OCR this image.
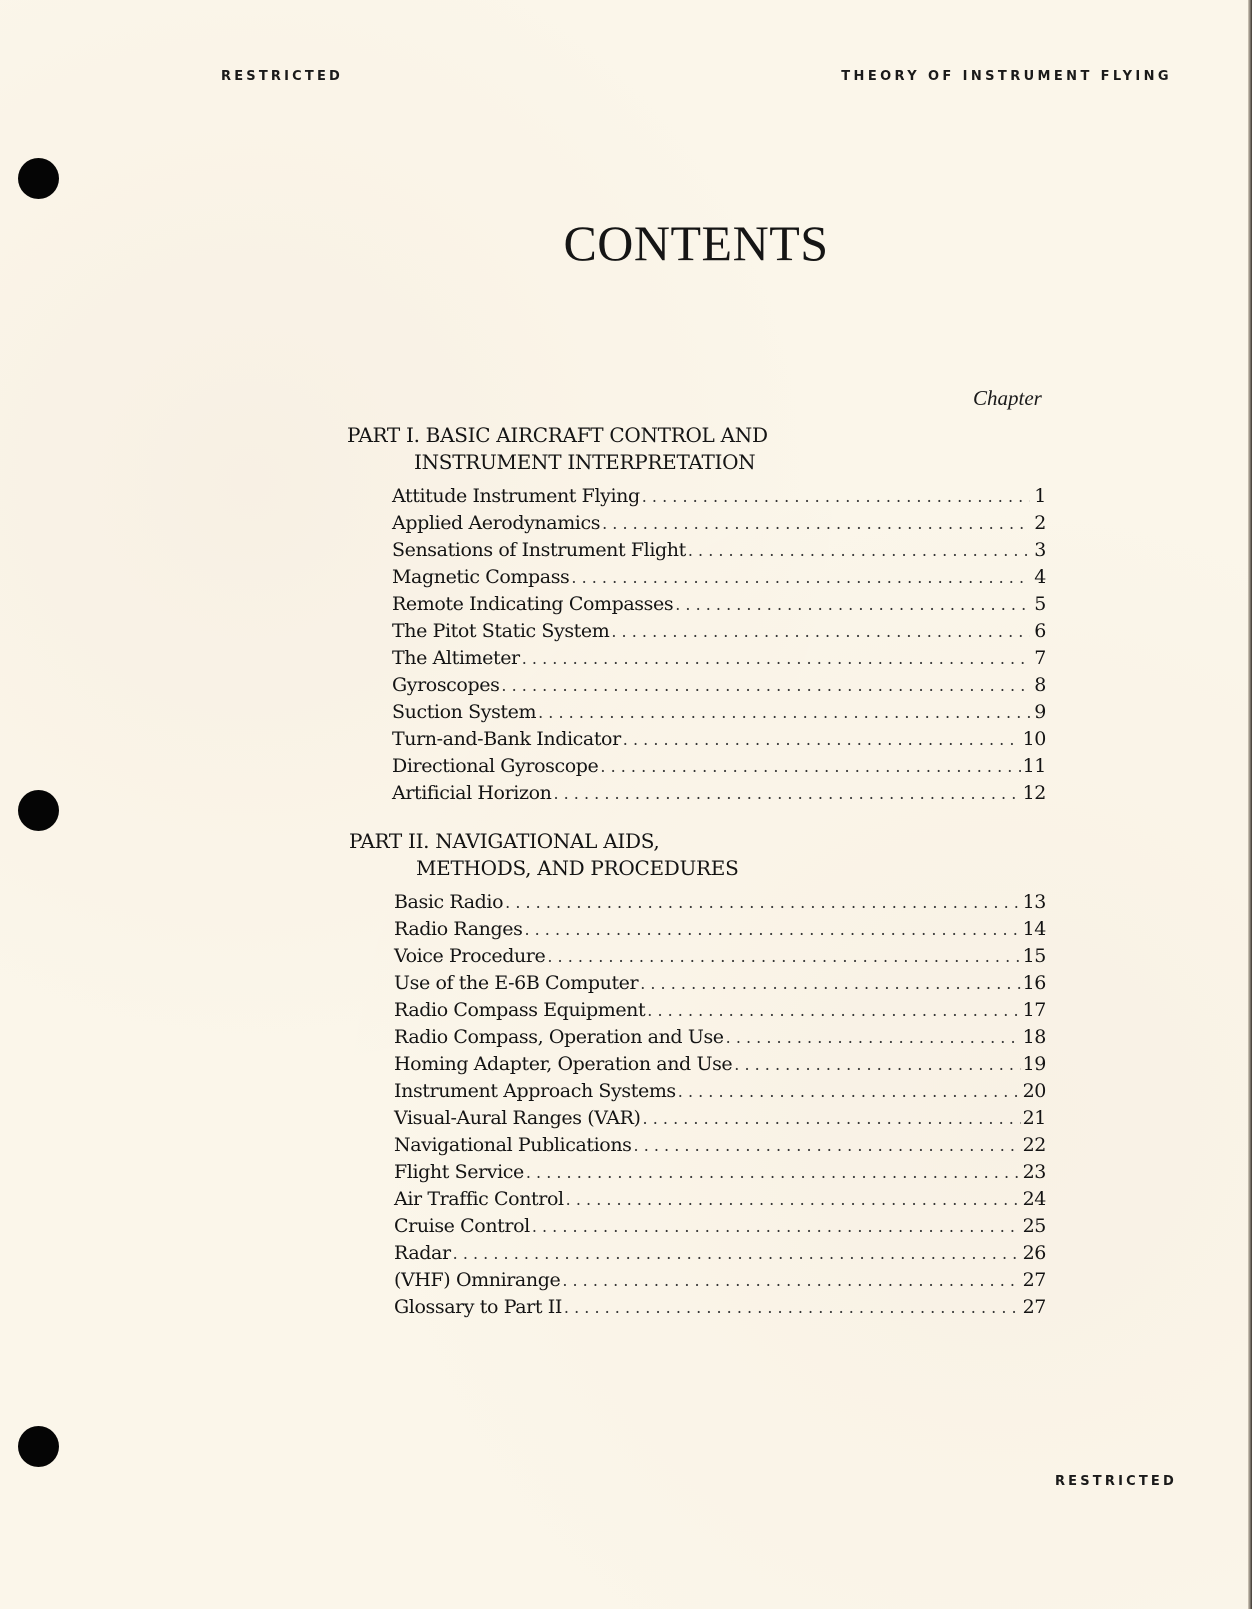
RESTRICTED	THEORY OF INSTRUMENT FLYING
CONTENTS
Chapter
PART I. BASIC AIRCRAFT CONTROL AND
INSTRUMENT INTERPRETATION
Attitude Instrument Flying . . .	1
Applied Aerodynamics . . .	2
Sensations of Instrument Flight . . .	3
Magnetic Compass . . .	4
Remote Indicating Compasses . . .	5
The Pitot Static System . . .	6
The Altimeter . . .	7
Gyroscopes . . .	8
Suction System . . .	9
Turn-and-Bank Indicator . . .	10
Directional Gyroscope . . .	11
Artificial Horizon . . .	12
PART II. NAVIGATIONAL AIDS,
METHODS, AND PROCEDURES
Basic Radio . . .	13
Radio Ranges . . .	14
Voice Procedure . . .	15
Use of the E-6B Computer . . .	16
Radio Compass Equipment . . .	17
Radio Compass, Operation and Use . . .	18
Homing Adapter, Operation and Use . . .	19
Instrument Approach Systems . . .	20
Visual-Aural Ranges (VAR) . . .	21
Navigational Publications . . .	22
Flight Service . . .	23
Air Traffic Control . . .	24
Cruise Control . . .	25
Radar . . .	26
(VHF) Omnirange . . .	27
Glossary to Part II . . .	27
RESTRICTED
